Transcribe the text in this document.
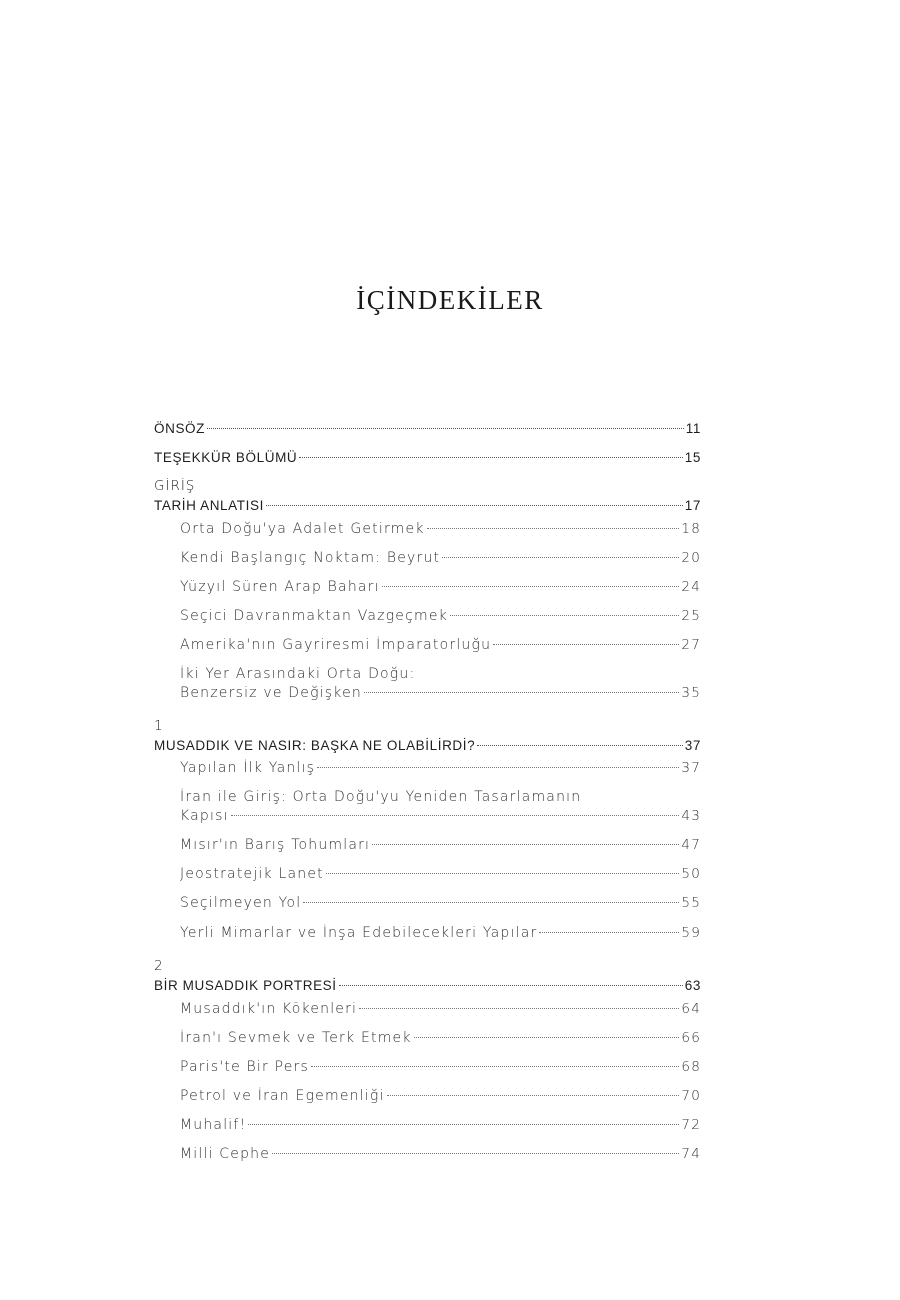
İÇİNDEKİLER
ÖNSÖZ	11
TEŞEKKÜR BÖLÜMÜ	15
GİRİŞ
TARİH ANLATISI	17
Orta Doğu'ya Adalet Getirmek	18
Kendi Başlangıç Noktam: Beyrut	20
Yüzyıl Süren Arap Baharı	24
Seçici Davranmaktan Vazgeçmek	25
Amerika'nın Gayriresmi İmparatorluğu	27
İki Yer Arasındaki Orta Doğu:
Benzersiz ve Değişken	35
1
MUSADDIK VE NASIR: BAŞKA NE OLABİLİRDİ?	37
Yapılan İlk Yanlış	37
İran ile Giriş: Orta Doğu'yu Yeniden Tasarlamanın
Kapısı	43
Mısır'ın Barış Tohumları	47
Jeostratejik Lanet	50
Seçilmeyen Yol	55
Yerli Mimarlar ve İnşa Edebilecekleri Yapılar	59
2
BİR MUSADDIK PORTRESİ	63
Musaddık'ın Kökenleri	64
İran'ı Sevmek ve Terk Etmek	66
Paris'te Bir Pers	68
Petrol ve İran Egemenliği	70
Muhalif!	72
Milli Cephe	74
